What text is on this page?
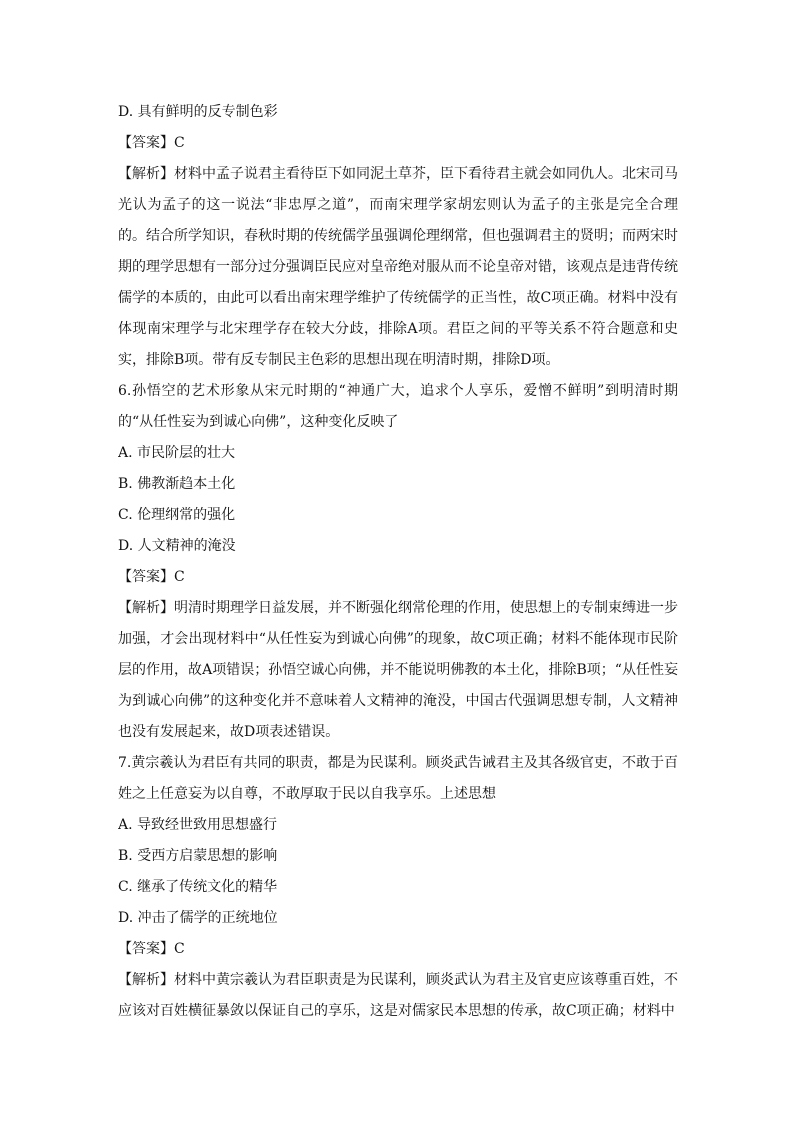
D. 具有鲜明的反专制色彩
【答案】C

【解析】材料中孟子说君主看待臣下如同泥土草芥，臣下看待君主就会如同仇人。北宋司马光认为孟子的这一说法“非忠厚之道”，而南宋理学家胡宏则认为孟子的主张是完全合理的。结合所学知识，春秋时期的传统儒学虽强调伦理纲常，但也强调君主的贤明；而两宋时期的理学思想有一部分过分强调臣民应对皇帝绝对服从而不论皇帝对错，该观点是违背传统儒学的本质的，由此可以看出南宋理学维护了传统儒学的正当性，故C项正确。材料中没有体现南宋理学与北宋理学存在较大分歧，排除A项。君臣之间的平等关系不符合题意和史实，排除B项。带有反专制民主色彩的思想出现在明清时期，排除D项。

6.孙悟空的艺术形象从宋元时期的“神通广大，追求个人享乐，爱憎不鲜明”到明清时期的“从任性妄为到诚心向佛”，这种变化反映了

A. 市民阶层的壮大
B. 佛教渐趋本土化
C. 伦理纲常的强化
D. 人文精神的淹没
【答案】C

【解析】明清时期理学日益发展，并不断强化纲常伦理的作用，使思想上的专制束缚进一步加强，才会出现材料中“从任性妄为到诚心向佛”的现象，故C项正确；材料不能体现市民阶层的作用，故A项错误；孙悟空诚心向佛，并不能说明佛教的本土化，排除B项；“从任性妄为到诚心向佛”的这种变化并不意味着人文精神的淹没，中国古代强调思想专制，人文精神也没有发展起来，故D项表述错误。

7.黄宗羲认为君臣有共同的职责，都是为民谋利。顾炎武告诫君主及其各级官吏，不敢于百姓之上任意妄为以自尊，不敢厚取于民以自我享乐。上述思想

A. 导致经世致用思想盛行
B. 受西方启蒙思想的影响
C. 继承了传统文化的精华
D. 冲击了儒学的正统地位
【答案】C

【解析】材料中黄宗羲认为君臣职责是为民谋利，顾炎武认为君主及官吏应该尊重百姓，不应该对百姓横征暴敛以保证自己的享乐，这是对儒家民本思想的传承，故C项正确；材料中
